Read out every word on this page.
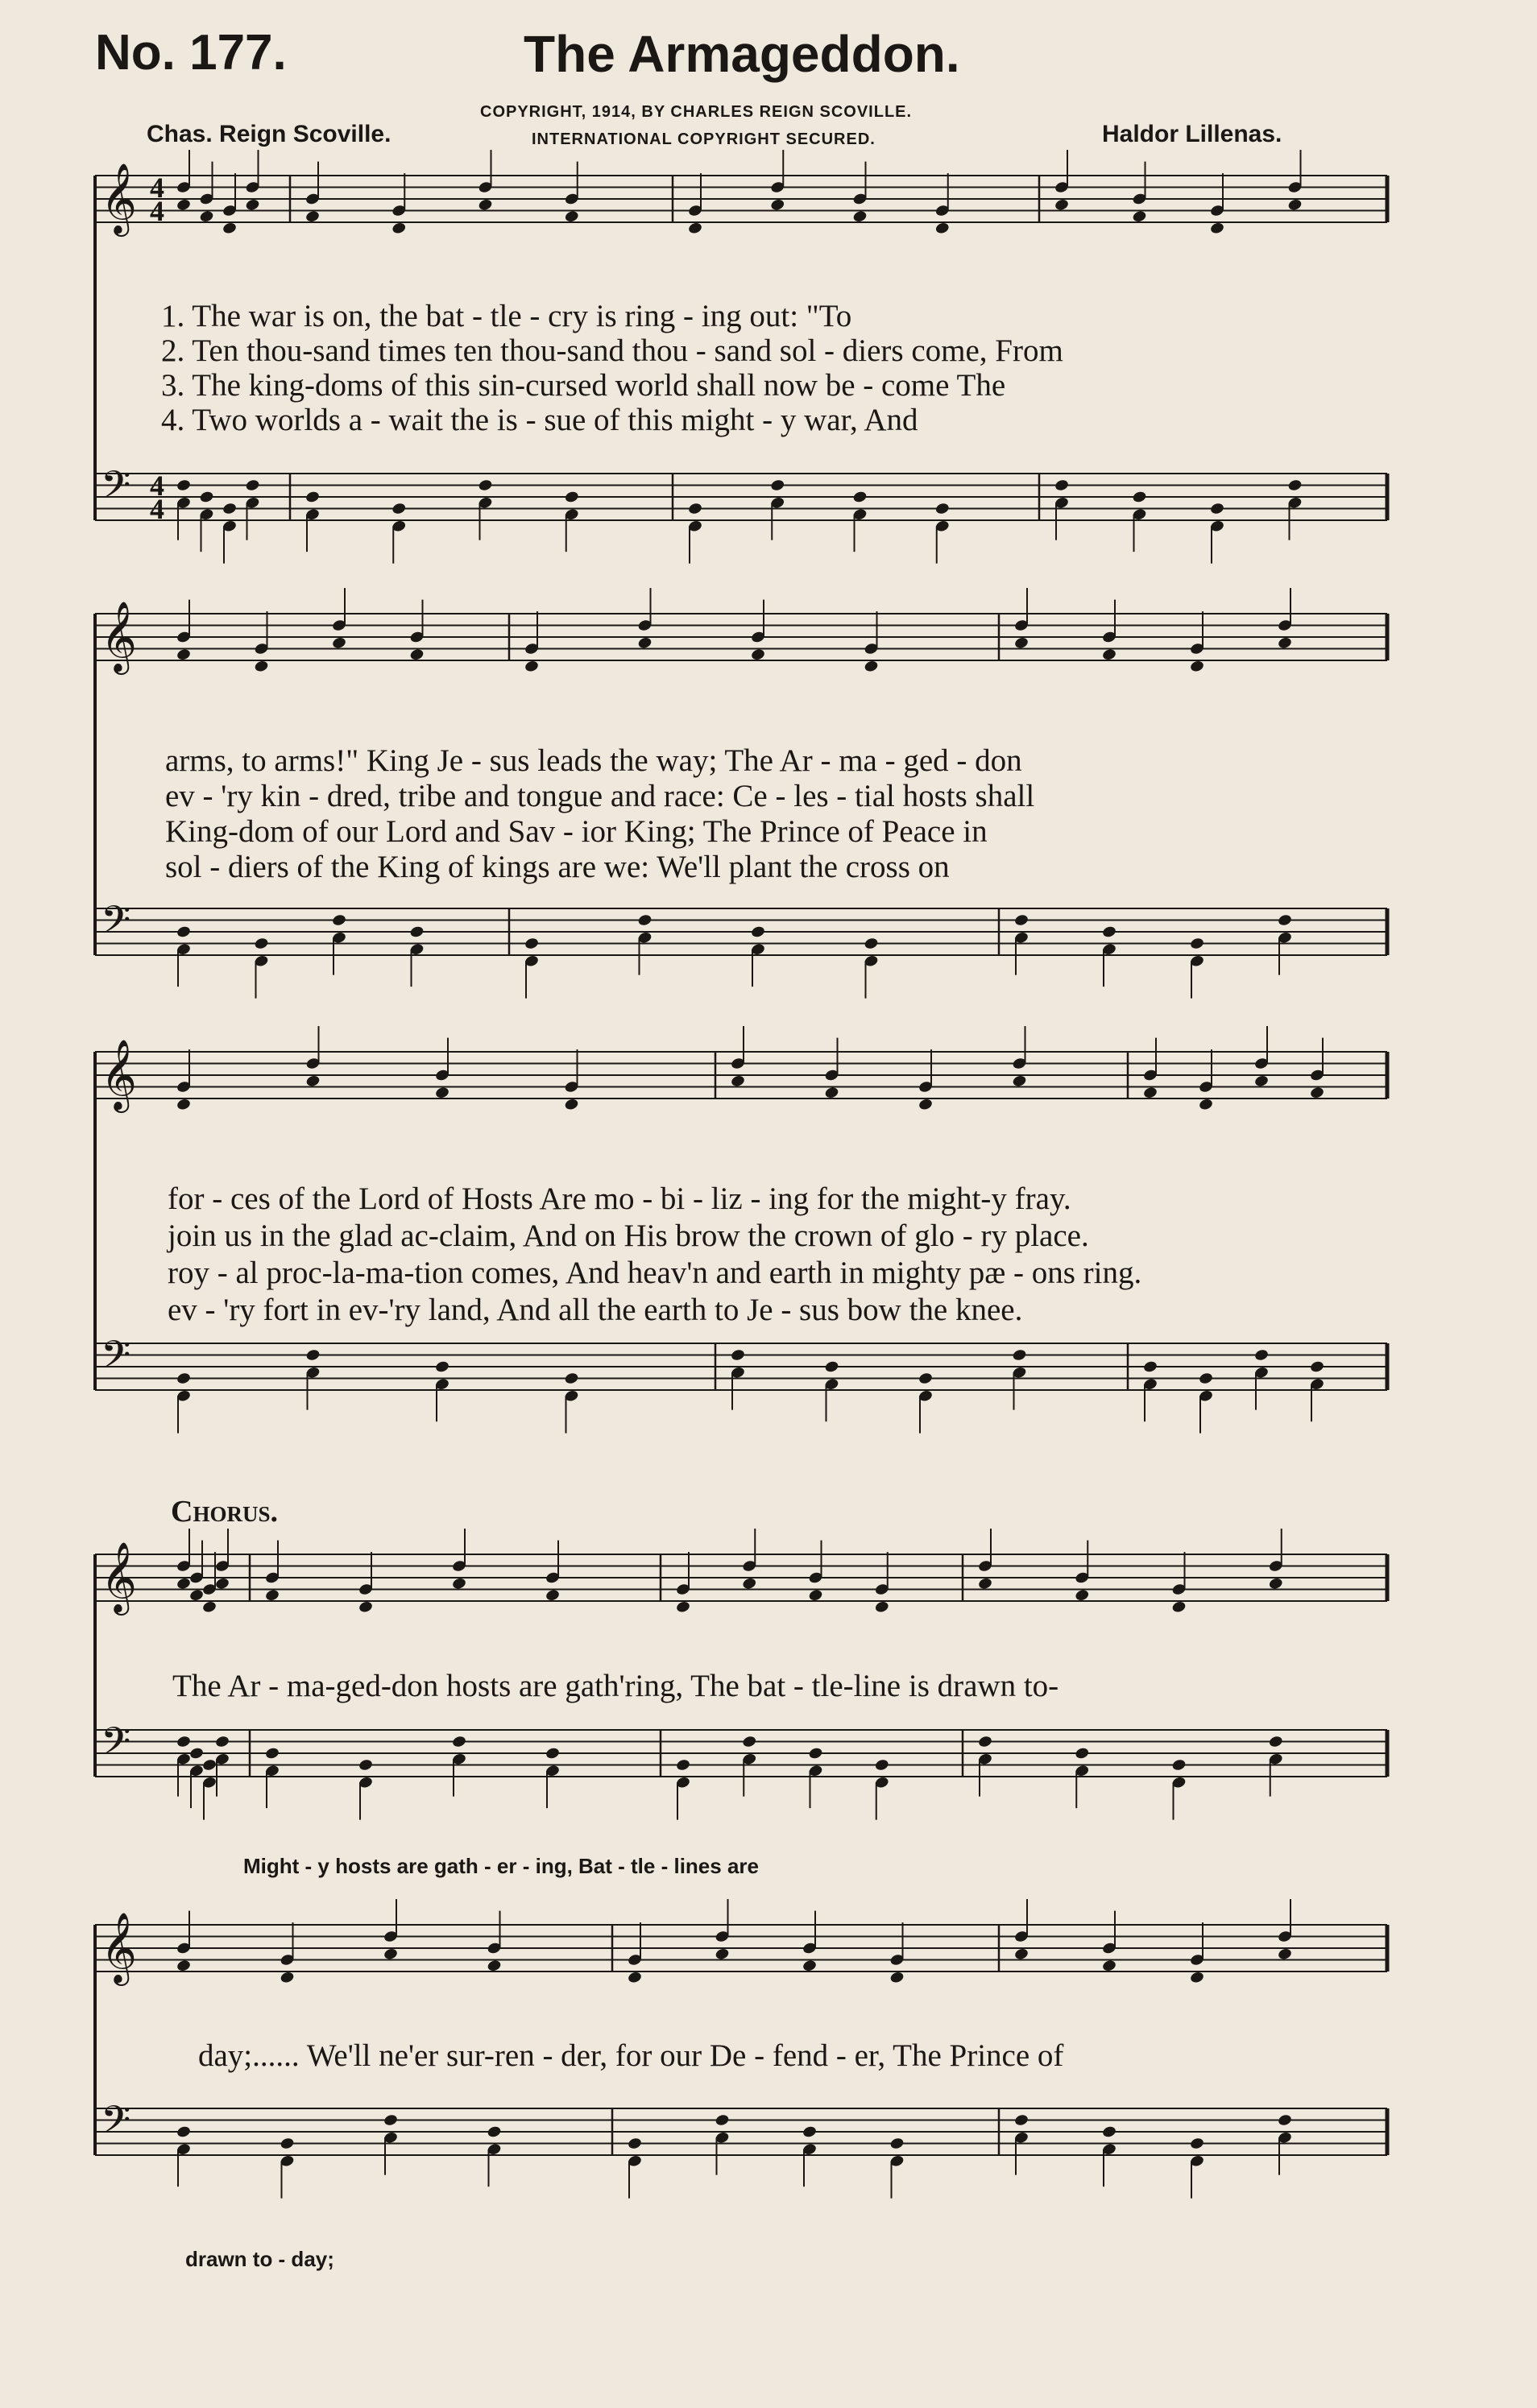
No. 177.	The Armageddon.
Chas. Reign Scoville.	Haldor Lillenas.
COPYRIGHT, 1914, BY CHARLES REIGN SCOVILLE.
INTERNATIONAL COPYRIGHT SECURED.
𝄞 4
4
𝄢 4
4
𝄞
𝄢
𝄞
𝄢
𝄞
𝄢
𝄞
𝄢
1. The war is on, the bat - tle - cry is ring - ing out: "To
2. Ten thou-sand times ten thou-sand thou - sand sol - diers come, From
3. The king-doms of this sin-cursed world shall now be - come The
4. Two worlds a - wait the is - sue of this might - y war, And
arms, to arms!" King Je - sus leads the way; The Ar - ma - ged - don
ev - 'ry kin - dred, tribe and tongue and race: Ce - les - tial hosts shall
King-dom of our Lord and Sav - ior King; The Prince of Peace in
sol - diers of the King of kings are we: We'll plant the cross on
for - ces of the Lord of Hosts Are mo - bi - liz - ing for the might-y fray.
join us in the glad ac-claim, And on His brow the crown of glo - ry place.
roy - al proc-la-ma-tion comes, And heav'n and earth in mighty pæ - ons ring.
ev - 'ry fort in ev-'ry land, And all the earth to Je - sus bow the knee.
Chorus.
The Ar - ma-ged-don hosts are gath'ring, The bat - tle-line is drawn to-
Might - y hosts are gath - er - ing, Bat - tle - lines are
day;...... We'll ne'er sur-ren - der, for our De - fend - er, The Prince of
drawn to - day;
